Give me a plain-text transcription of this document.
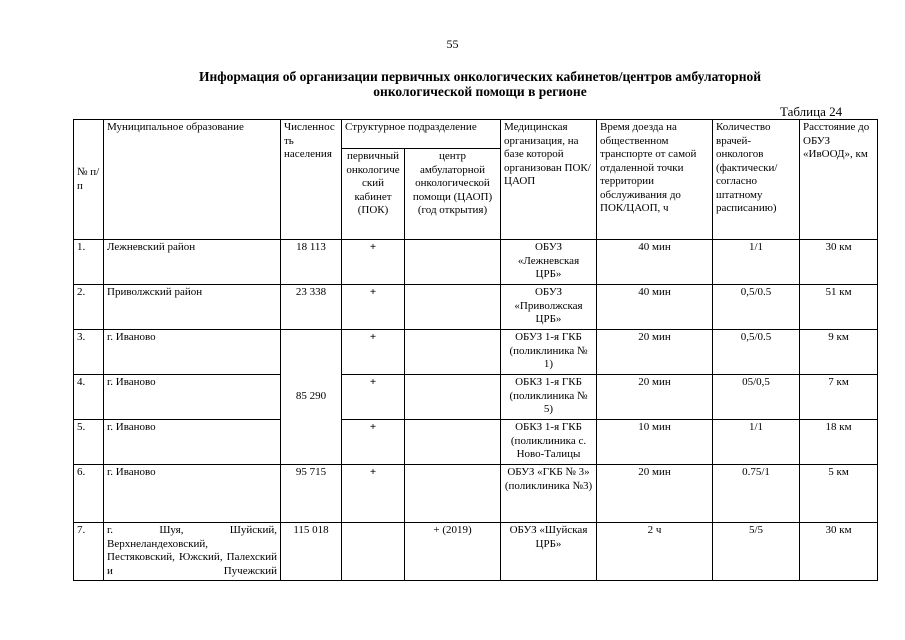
55
Информация об организации первичных онкологических кабинетов/центров амбулаторной
онкологической помощи в регионе
Таблица 24
№ п/п	Муниципальное образование	Численность населения	Структурное подразделение		Медицинская организация, на базе которой организован ПОК/ЦАОП	Время доезда на общественном транспорте от самой отдаленной точки территории обслуживания до ПОК/ЦАОП, ч	Количество врачей-онкологов (фактически/ согласно штатному расписанию)	Расстояние до ОБУЗ «ИвООД», км
			первичный онкологический кабинет (ПОК)	центр амбулаторной онкологической помощи (ЦАОП) (год открытия)				
1.	Лежневский район	18 113	+		ОБУЗ «Лежневская ЦРБ»	40 мин	1/1	30 км
2.	Приволжский район	23 338	+		ОБУЗ «Приволжская ЦРБ»	40 мин	0,5/0.5	51 км
3.	г. Иваново	85 290	+		ОБУЗ 1-я ГКБ (поликлиника № 1)	20 мин	0,5/0.5	9 км
4.	г. Иваново		+		ОБКЗ 1-я ГКБ (поликлиника № 5)	20 мин	05/0,5	7 км
5.	г. Иваново		+		ОБКЗ 1-я ГКБ (поликлиника с. Ново-Талицы	10 мин	1/1	18 км
6.	г. Иваново	95 715	+		ОБУЗ «ГКБ № 3» (поликлиника №3)	20 мин	0.75/1	5 км
7.	г. Шуя, Шуйский, Верхнеландеховский, Пестяковский, Южский, Палехский и Пучежский	115 018		+ (2019)	ОБУЗ «Шуйская ЦРБ»	2 ч	5/5	30 км
